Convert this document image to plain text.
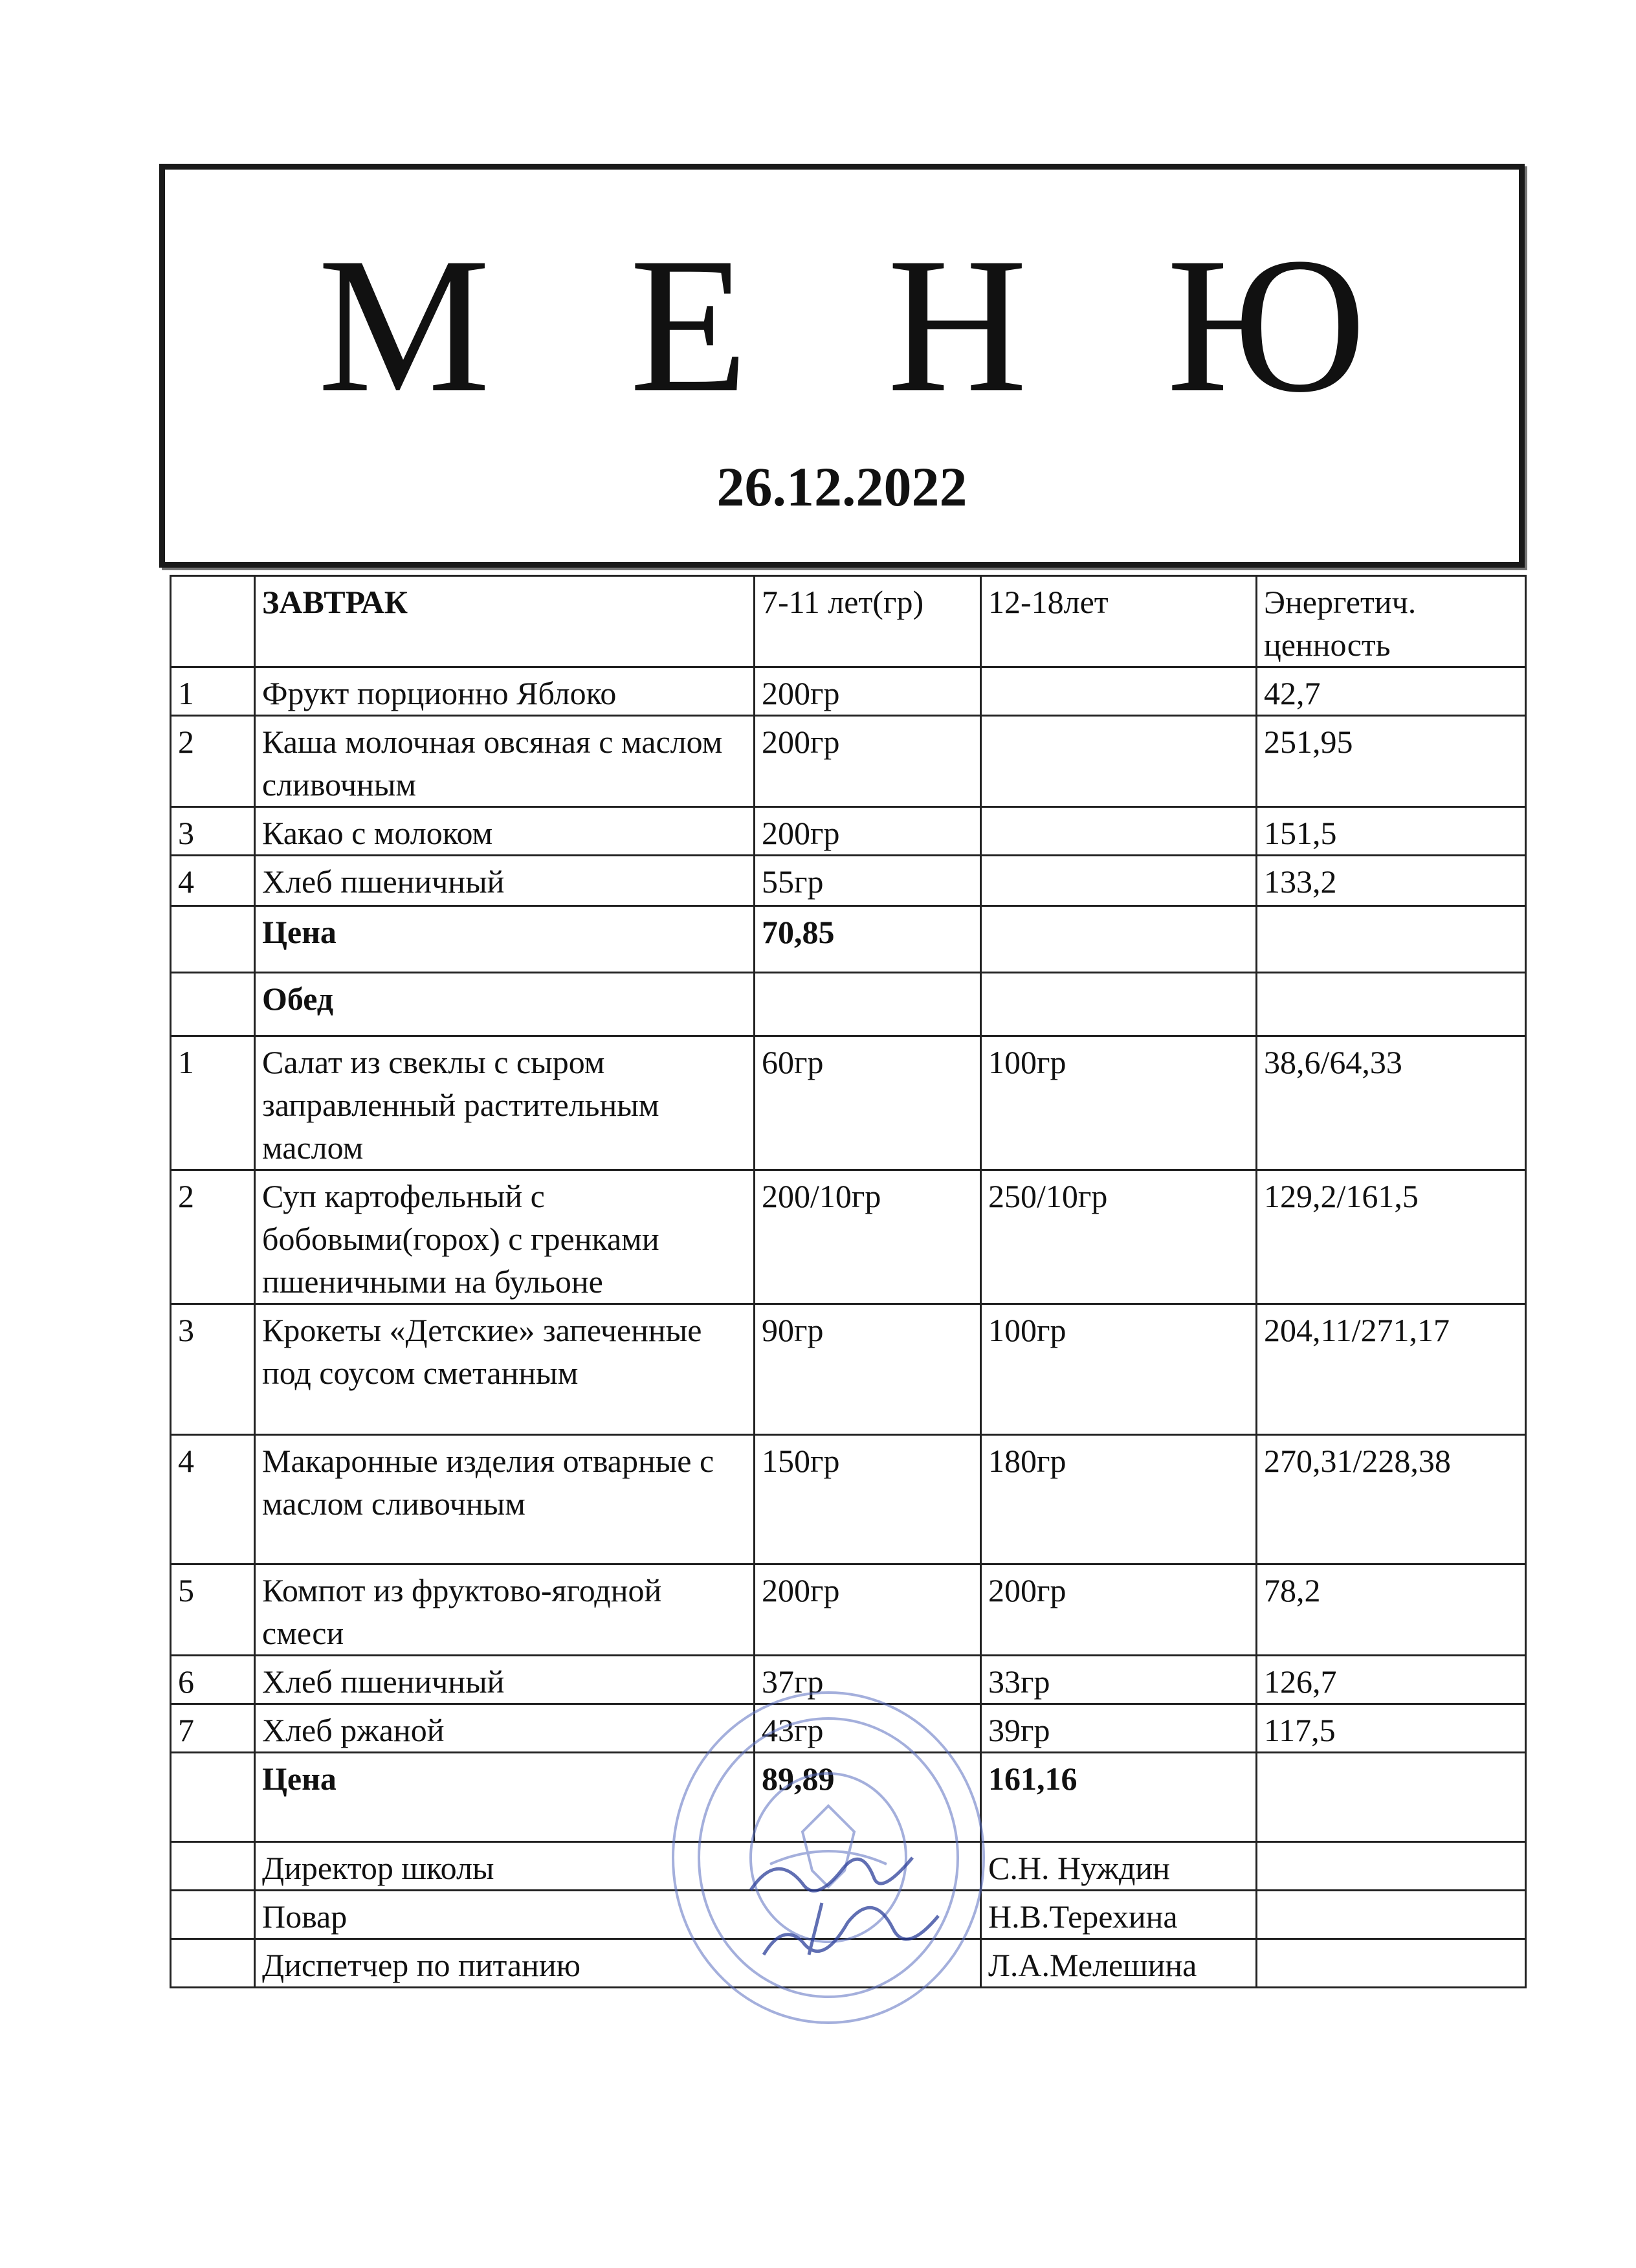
М Е Н Ю
26.12.2022
	ЗАВТРАК	7-11 лет(гр)	12-18лет	Энергетич. ценность
1	Фрукт порционно Яблоко	200гр		42,7
2	Каша молочная овсяная с маслом сливочным	200гр		251,95
3	Какао с молоком	200гр		151,5
4	Хлеб пшеничный	55гр		133,2
	Цена	70,85		
	Обед			
1	Салат из свеклы с сыром заправленный растительным маслом	60гр	100гр	38,6/64,33
2	Суп картофельный с бобовыми(горох) с гренками пшеничными на бульоне	200/10гр	250/10гр	129,2/161,5
3	Крокеты «Детские» запеченные под соусом сметанным	90гр	100гр	204,11/271,17
4	Макаронные изделия отварные с маслом сливочным	150гр	180гр	270,31/228,38
5	Компот из фруктово-ягодной смеси	200гр	200гр	78,2
6	Хлеб пшеничный	37гр	33гр	126,7
7	Хлеб ржаной	43гр	39гр	117,5
	Цена	89,89	161,16	
	Директор школы		С.Н. Нуждин	
	Повар		Н.В.Терехина	
	Диспетчер по питанию		Л.А.Мелешина	
